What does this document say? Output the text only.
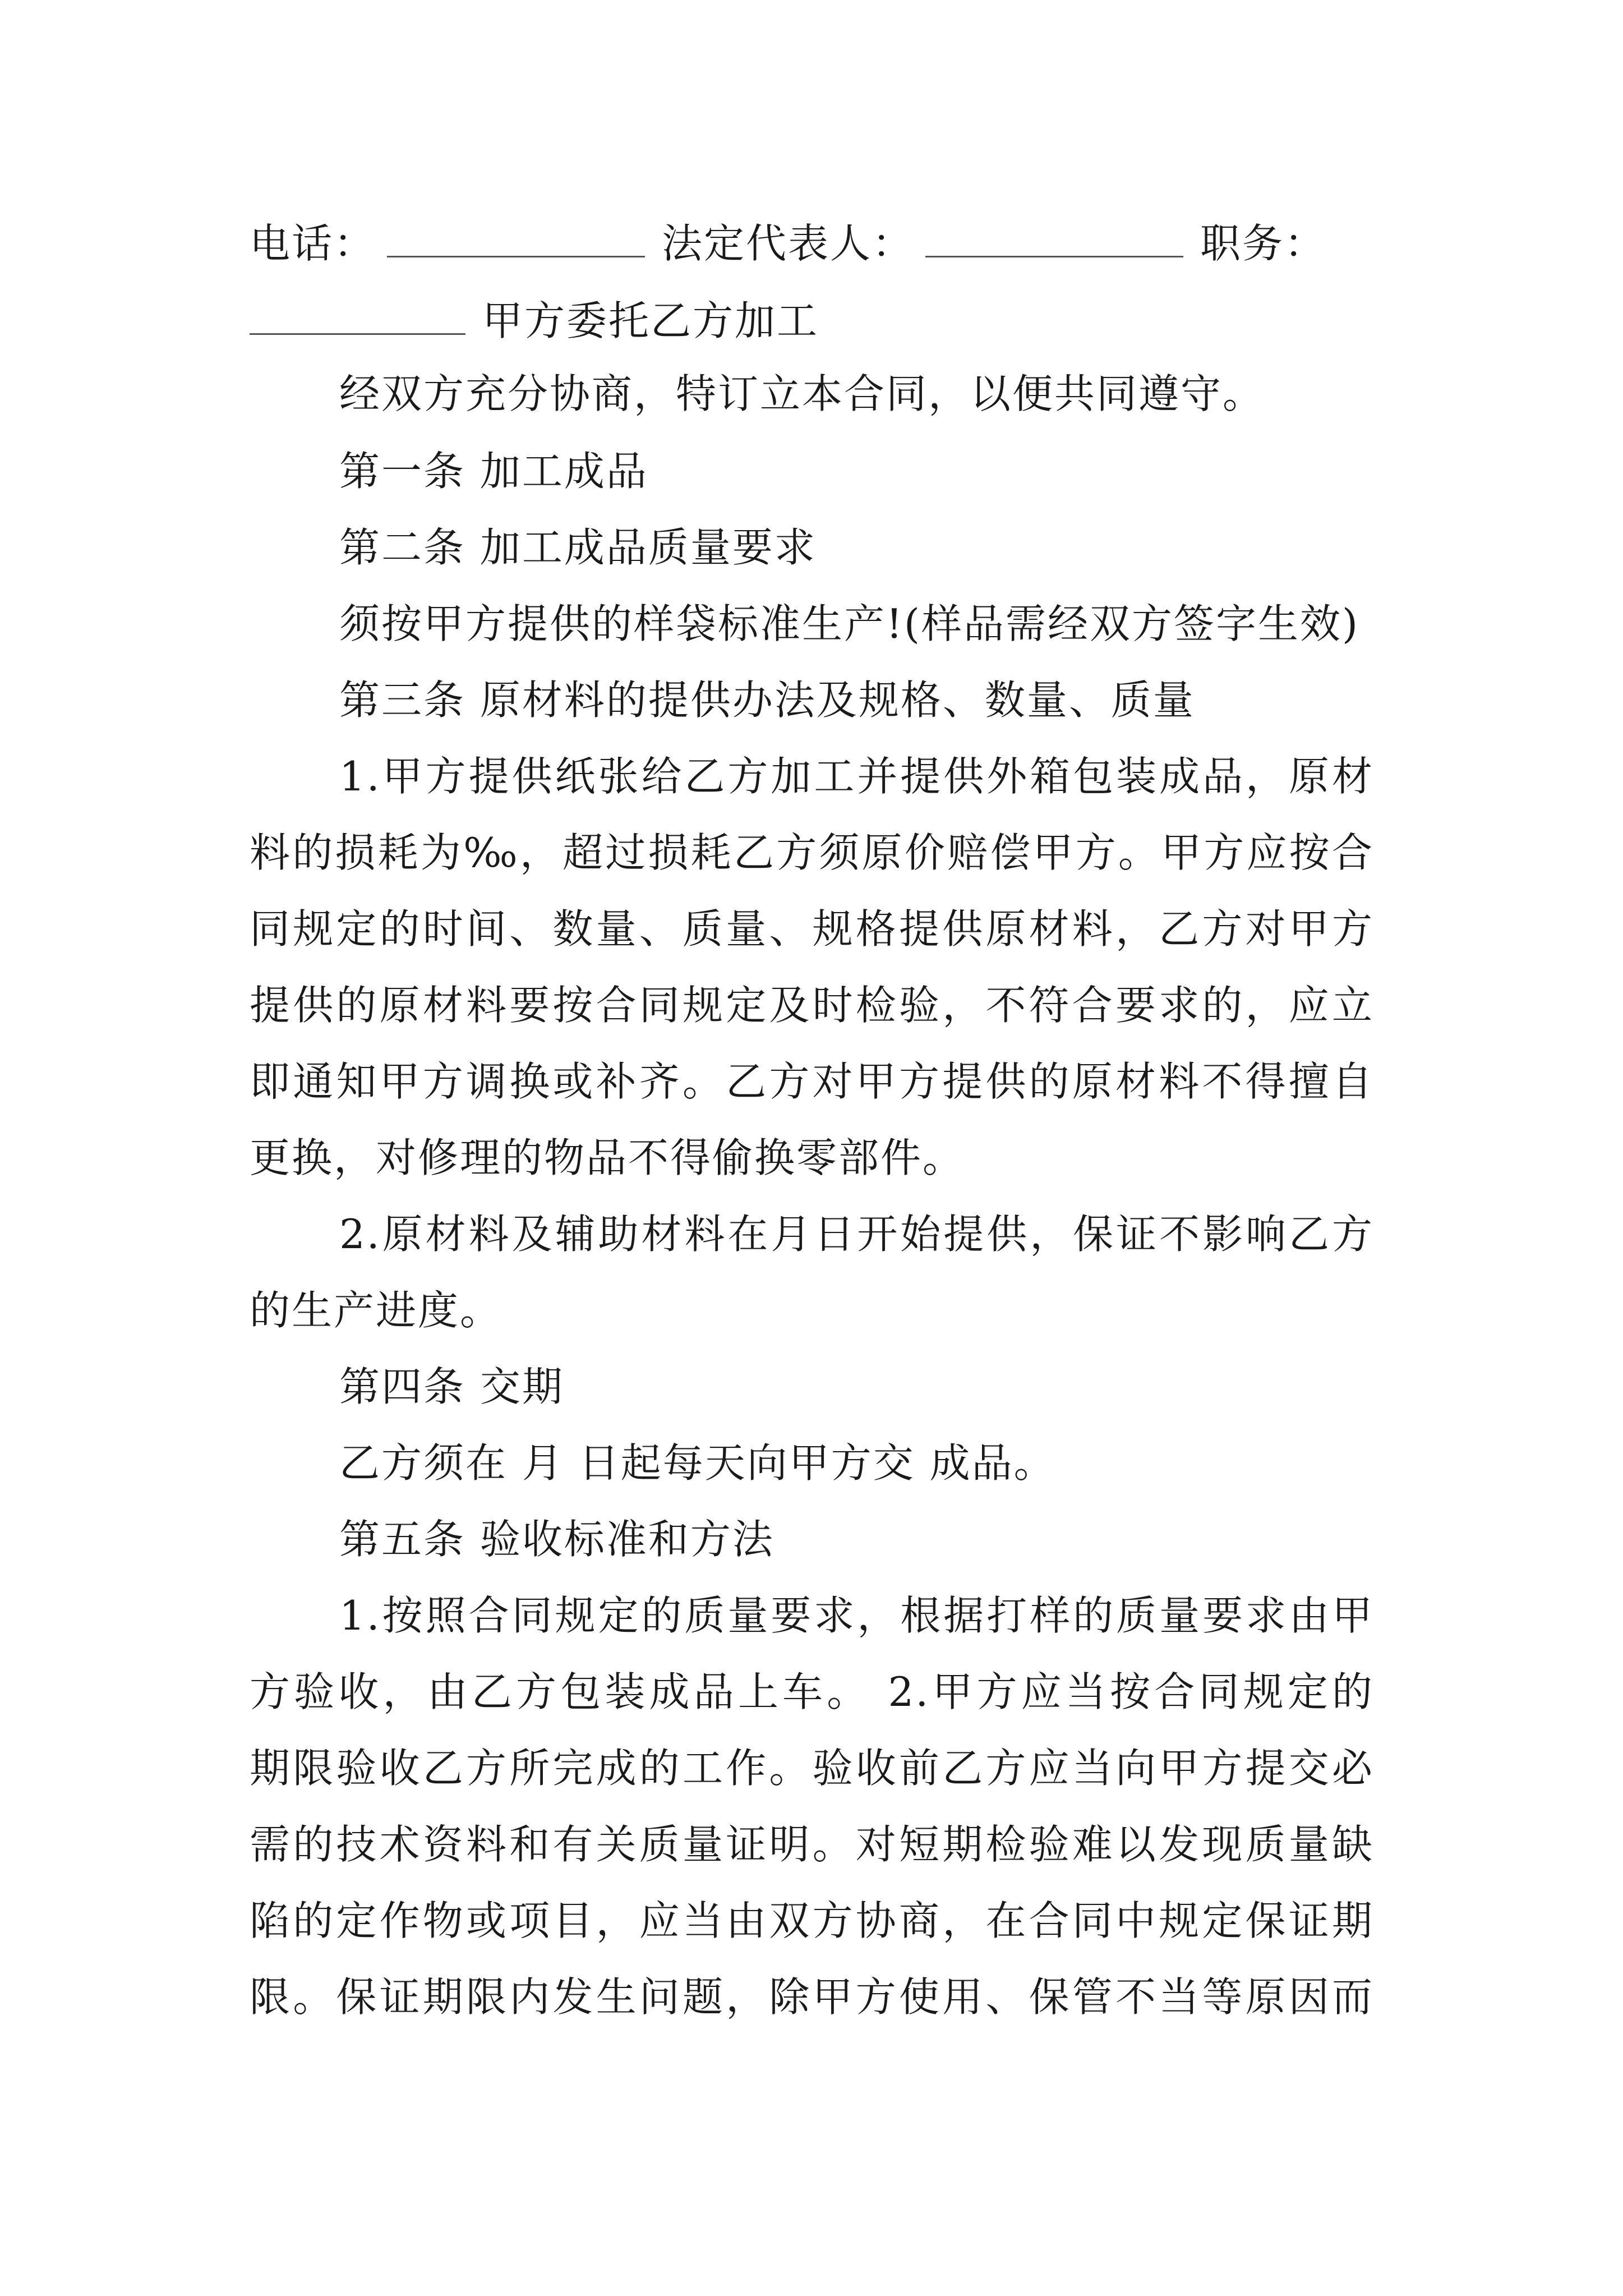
电话：	法定代表人：	职务：
甲方委托乙方加工
经双方充分协商，特订立本合同，以便共同遵守。
第一条 加工成品
第二条 加工成品质量要求
须按甲方提供的样袋标准生产!(样品需经双方签字生效)
第三条 原材料的提供办法及规格、数量、质量
1.甲方提供纸张给乙方加工并提供外箱包装成品，原材
料的损耗为‰，超过损耗乙方须原价赔偿甲方。甲方应按合
同规定的时间、数量、质量、规格提供原材料，乙方对甲方
提供的原材料要按合同规定及时检验，不符合要求的，应立
即通知甲方调换或补齐。乙方对甲方提供的原材料不得擅自
更换，对修理的物品不得偷换零部件。
2.原材料及辅助材料在月日开始提供，保证不影响乙方
的生产进度。
第四条 交期
乙方须在 月 日起每天向甲方交 成品。
第五条 验收标准和方法
1.按照合同规定的质量要求，根据打样的质量要求由甲
方验收，由乙方包装成品上车。 2.甲方应当按合同规定的
期限验收乙方所完成的工作。验收前乙方应当向甲方提交必
需的技术资料和有关质量证明。对短期检验难以发现质量缺
陷的定作物或项目，应当由双方协商，在合同中规定保证期
限。保证期限内发生问题，除甲方使用、保管不当等原因而
